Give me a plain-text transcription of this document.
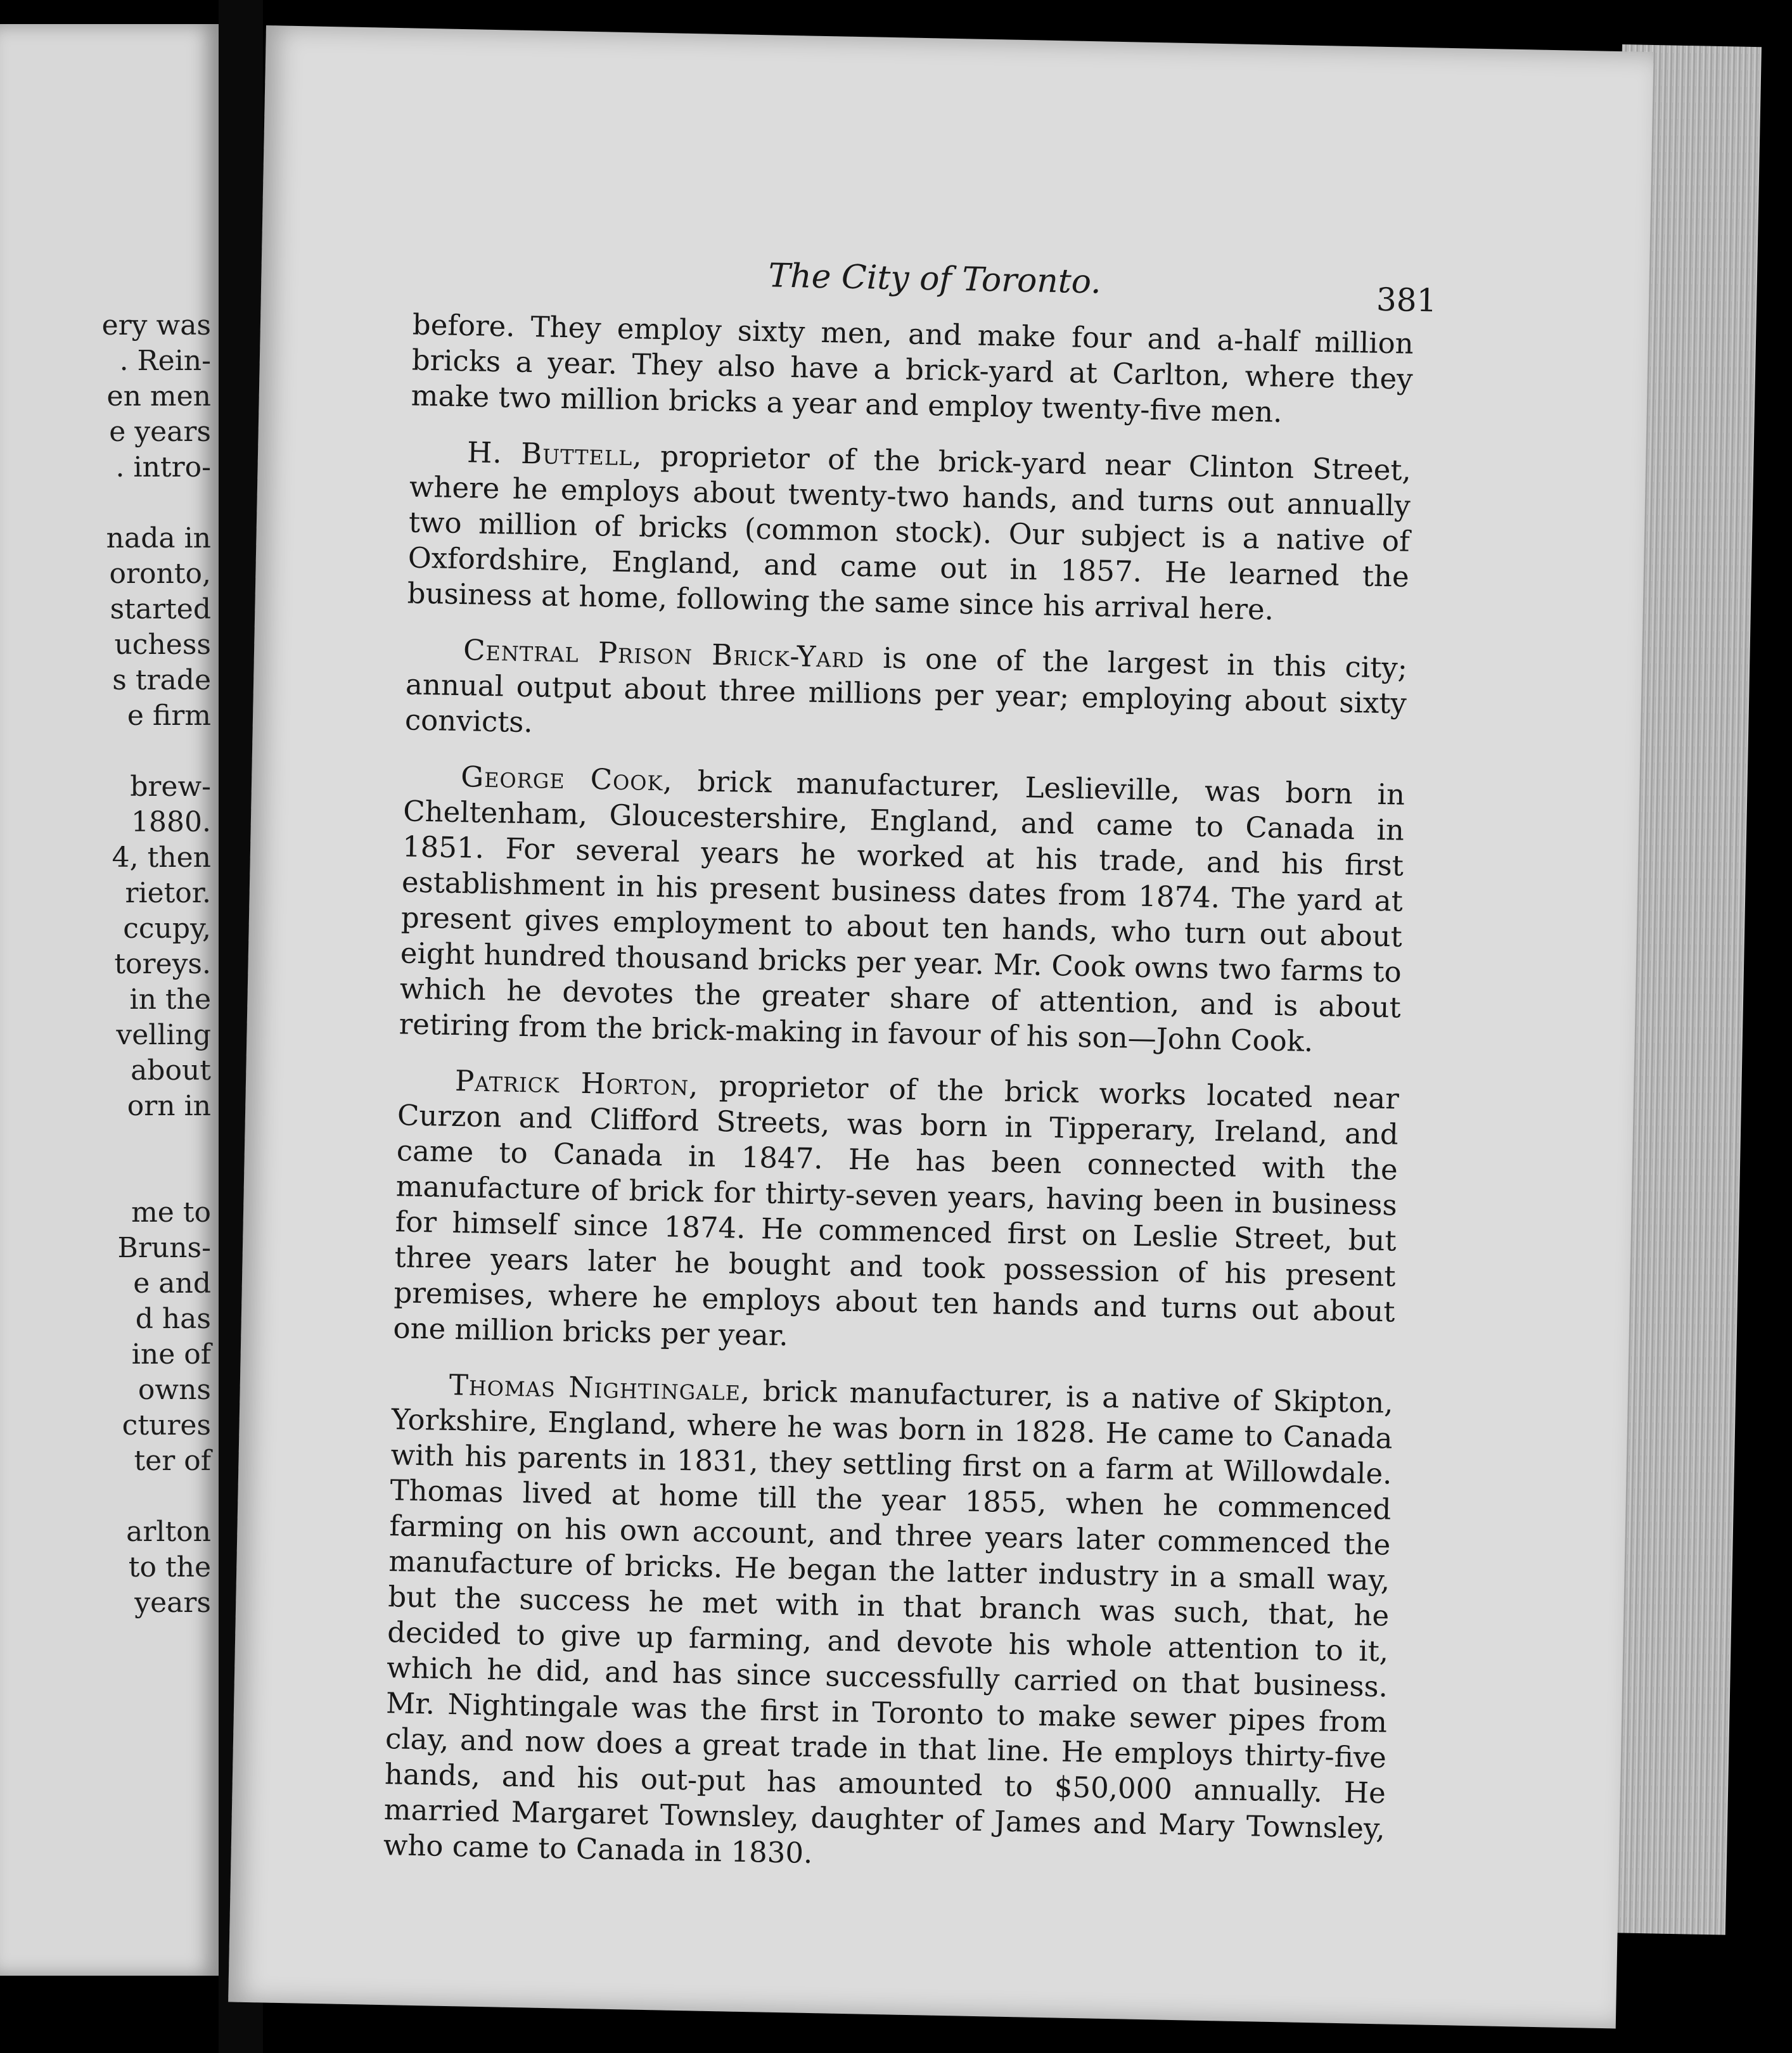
ery was
. Rein-
en men
e years
. intro-
nada in
oronto,
started
uchess
s trade
e firm
brew-
1880.
4, then
rietor.
ccupy,
toreys.
in the
velling
about
orn in
me to
Bruns-
e and
d has
ine of
owns
ctures
ter of
arlton
to the
years
The City of Toronto.	381

before. They employ sixty men, and make four and a-half million bricks a year. They also have a brick-yard at Carlton, where they make two million bricks a year and employ twenty-five men.

H. Buttell, proprietor of the brick-yard near Clinton Street, where he employs about twenty-two hands, and turns out annually two million of bricks (common stock). Our subject is a native of Oxfordshire, England, and came out in 1857. He learned the business at home, following the same since his arrival here.

Central Prison Brick-Yard is one of the largest in this city; annual output about three millions per year; employing about sixty convicts.

George Cook, brick manufacturer, Leslieville, was born in Cheltenham, Gloucestershire, England, and came to Canada in 1851. For several years he worked at his trade, and his first establishment in his present business dates from 1874. The yard at present gives employment to about ten hands, who turn out about eight hundred thousand bricks per year. Mr. Cook owns two farms to which he devotes the greater share of attention, and is about retiring from the brick-making in favour of his son—John Cook.

Patrick Horton, proprietor of the brick works located near Curzon and Clifford Streets, was born in Tipperary, Ireland, and came to Canada in 1847. He has been connected with the manufacture of brick for thirty-seven years, having been in business for himself since 1874. He commenced first on Leslie Street, but three years later he bought and took possession of his present premises, where he employs about ten hands and turns out about one million bricks per year.

Thomas Nightingale, brick manufacturer, is a native of Skipton, Yorkshire, England, where he was born in 1828. He came to Canada with his parents in 1831, they settling first on a farm at Willowdale. Thomas lived at home till the year 1855, when he commenced farming on his own account, and three years later commenced the manufacture of bricks. He began the latter industry in a small way, but the success he met with in that branch was such, that, he decided to give up farming, and devote his whole attention to it, which he did, and has since successfully carried on that business. Mr. Nightingale was the first in Toronto to make sewer pipes from clay, and now does a great trade in that line. He employs thirty-five hands, and his out-put has amounted to $50,000 annually. He married Margaret Townsley, daughter of James and Mary Townsley, who came to Canada in 1830.
